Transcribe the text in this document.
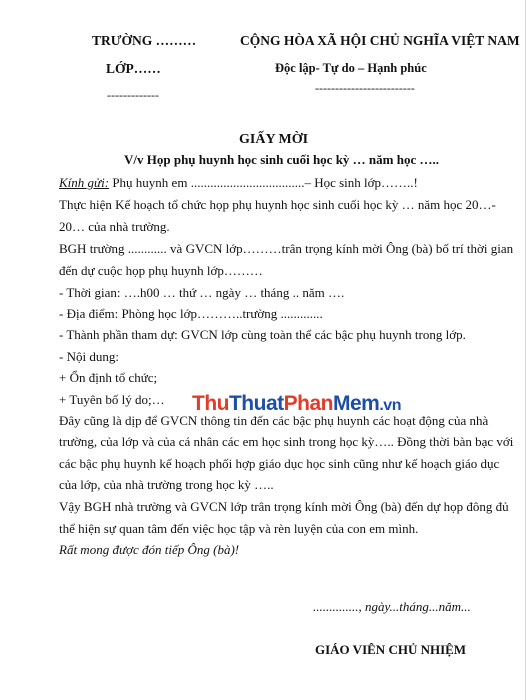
TRƯỜNG ………
LỚP……
-------------
CỘNG HÒA XÃ HỘI CHỦ NGHĨA VIỆT NAM
Độc lập- Tự do – Hạnh phúc
-------------------------
GIẤY MỜI
V/v Họp phụ huynh học sinh cuối học kỳ … năm học …..
Kính gửi: Phụ huynh em ...................................– Học sinh lớp……..!
Thực hiện Kế hoạch tổ chức họp phụ huynh học sinh cuối học kỳ … năm học 20…-
20… của nhà trường.
BGH trường ............ và GVCN lớp………trân trọng kính mời Ông (bà) bố trí thời gian
đến dự cuộc họp phụ huynh lớp………
- Thời gian: ….h00 … thứ … ngày … tháng .. năm ….
- Địa điểm: Phòng học lớp………..trường .............
- Thành phần tham dự: GVCN lớp cùng toàn thể các bậc phụ huynh trong lớp.
- Nội dung:
+ Ổn định tổ chức;
+ Tuyên bố lý do;…
Đây cũng là dịp để GVCN thông tin đến các bậc phụ huynh các hoạt động của nhà
trường, của lớp và của cá nhân các em học sinh trong học kỳ….. Đồng thời bàn bạc với
các bậc phụ huynh kế hoạch phối hợp giáo dục học sinh cũng như kế hoạch giáo dục
của lớp, của nhà trường trong học kỳ …..
Vậy BGH nhà trường và GVCN lớp trân trọng kính mời Ông (bà) đến dự họp đông đủ
thể hiện sự quan tâm đến việc học tập và rèn luyện của con em mình.
Rất mong được đón tiếp Ông (bà)!
.............., ngày...tháng...năm...
GIÁO VIÊN CHỦ NHIỆM
ThuThuatPhanMem.vn
